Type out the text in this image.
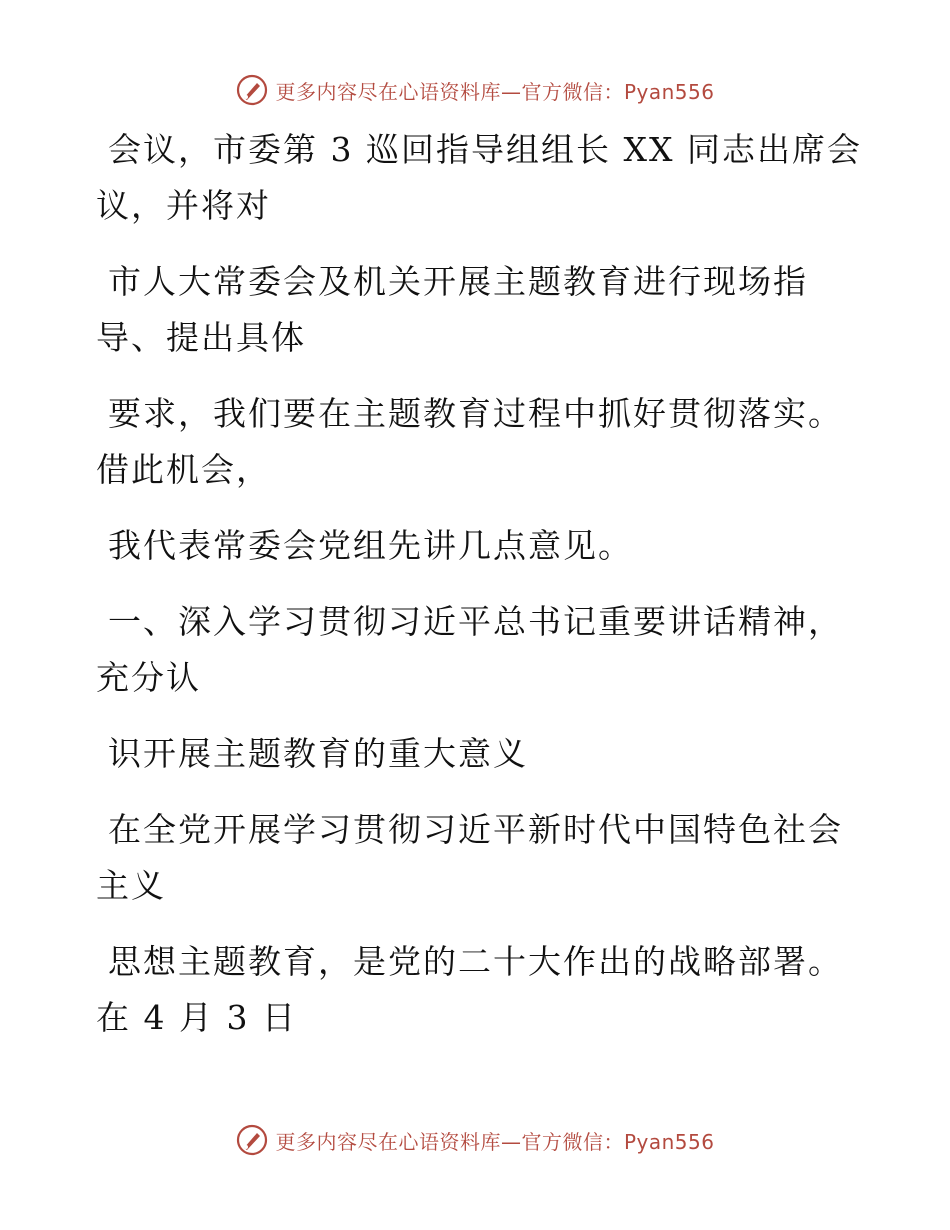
更多内容尽在心语资料库—官方微信：Pyan556
会议，市委第 3 巡回指导组组长 XX 同志出席会
议，并将对
市人大常委会及机关开展主题教育进行现场指
导、提出具体
要求，我们要在主题教育过程中抓好贯彻落实。
借此机会，
我代表常委会党组先讲几点意见。
一、深入学习贯彻习近平总书记重要讲话精神，
充分认
识开展主题教育的重大意义
在全党开展学习贯彻习近平新时代中国特色社会
主义
思想主题教育，是党的二十大作出的战略部署。
在 4 月 3 日
更多内容尽在心语资料库—官方微信：Pyan556
